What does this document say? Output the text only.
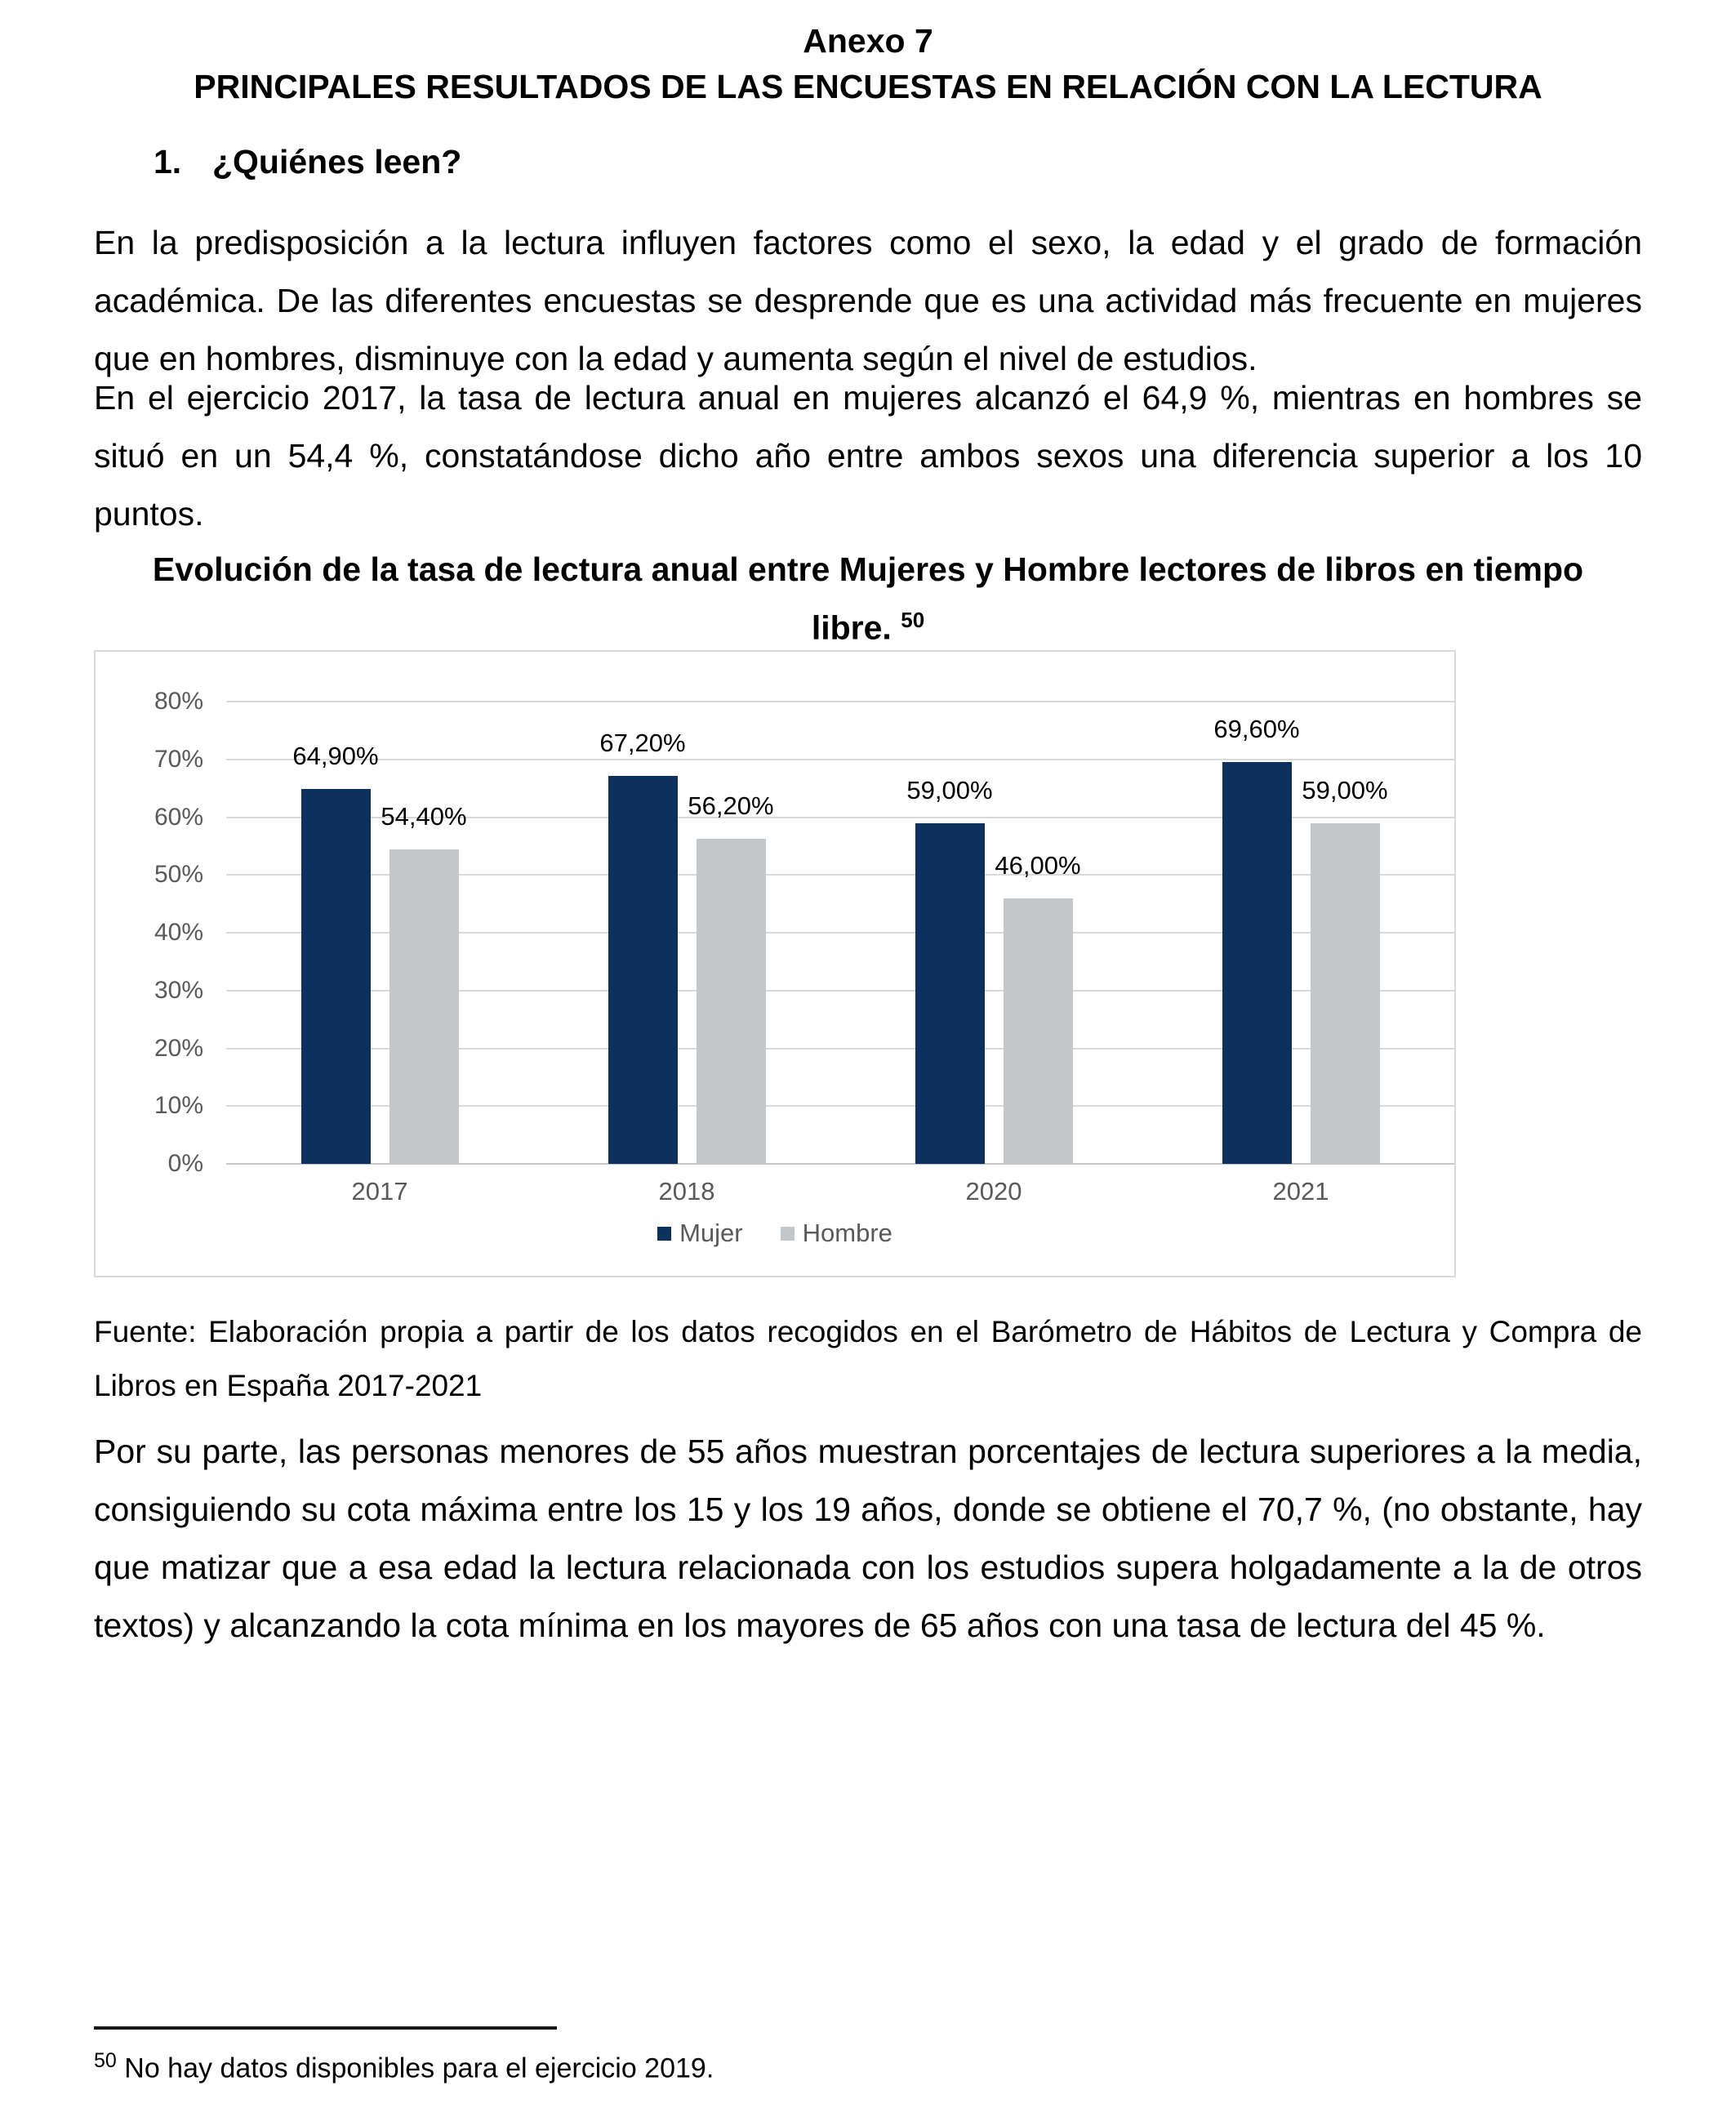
Anexo 7
PRINCIPALES RESULTADOS DE LAS ENCUESTAS EN RELACIÓN CON LA LECTURA
1. ¿Quiénes leen?

En la predisposición a la lectura influyen factores como el sexo, la edad y el grado de formación académica. De las diferentes encuestas se desprende que es una actividad más frecuente en mujeres que en hombres, disminuye con la edad y aumenta según el nivel de estudios.

En el ejercicio 2017, la tasa de lectura anual en mujeres alcanzó el 64,9 %, mientras en hombres se situó en un 54,4 %, constatándose dicho año entre ambos sexos una diferencia superior a los 10 puntos.

Evolución de la tasa de lectura anual entre Mujeres y Hombre lectores de libros en tiempo
libre. $^{50}$
0%
10%
20%
30%
40%
50%
60%
70%
80%
64,90%
54,40%
67,20%
56,20%
59,00%
46,00%
69,60%
59,00%
2017	2018	2020	2021
Mujer Hombre

Fuente: Elaboración propia a partir de los datos recogidos en el Barómetro de Hábitos de Lectura y Compra de Libros en España 2017-2021

Por su parte, las personas menores de 55 años muestran porcentajes de lectura superiores a la media, consiguiendo su cota máxima entre los 15 y los 19 años, donde se obtiene el 70,7 %, (no obstante, hay que matizar que a esa edad la lectura relacionada con los estudios supera holgadamente a la de otros textos) y alcanzando la cota mínima en los mayores de 65 años con una tasa de lectura del 45 %.

$^{50}$ No hay datos disponibles para el ejercicio 2019.
